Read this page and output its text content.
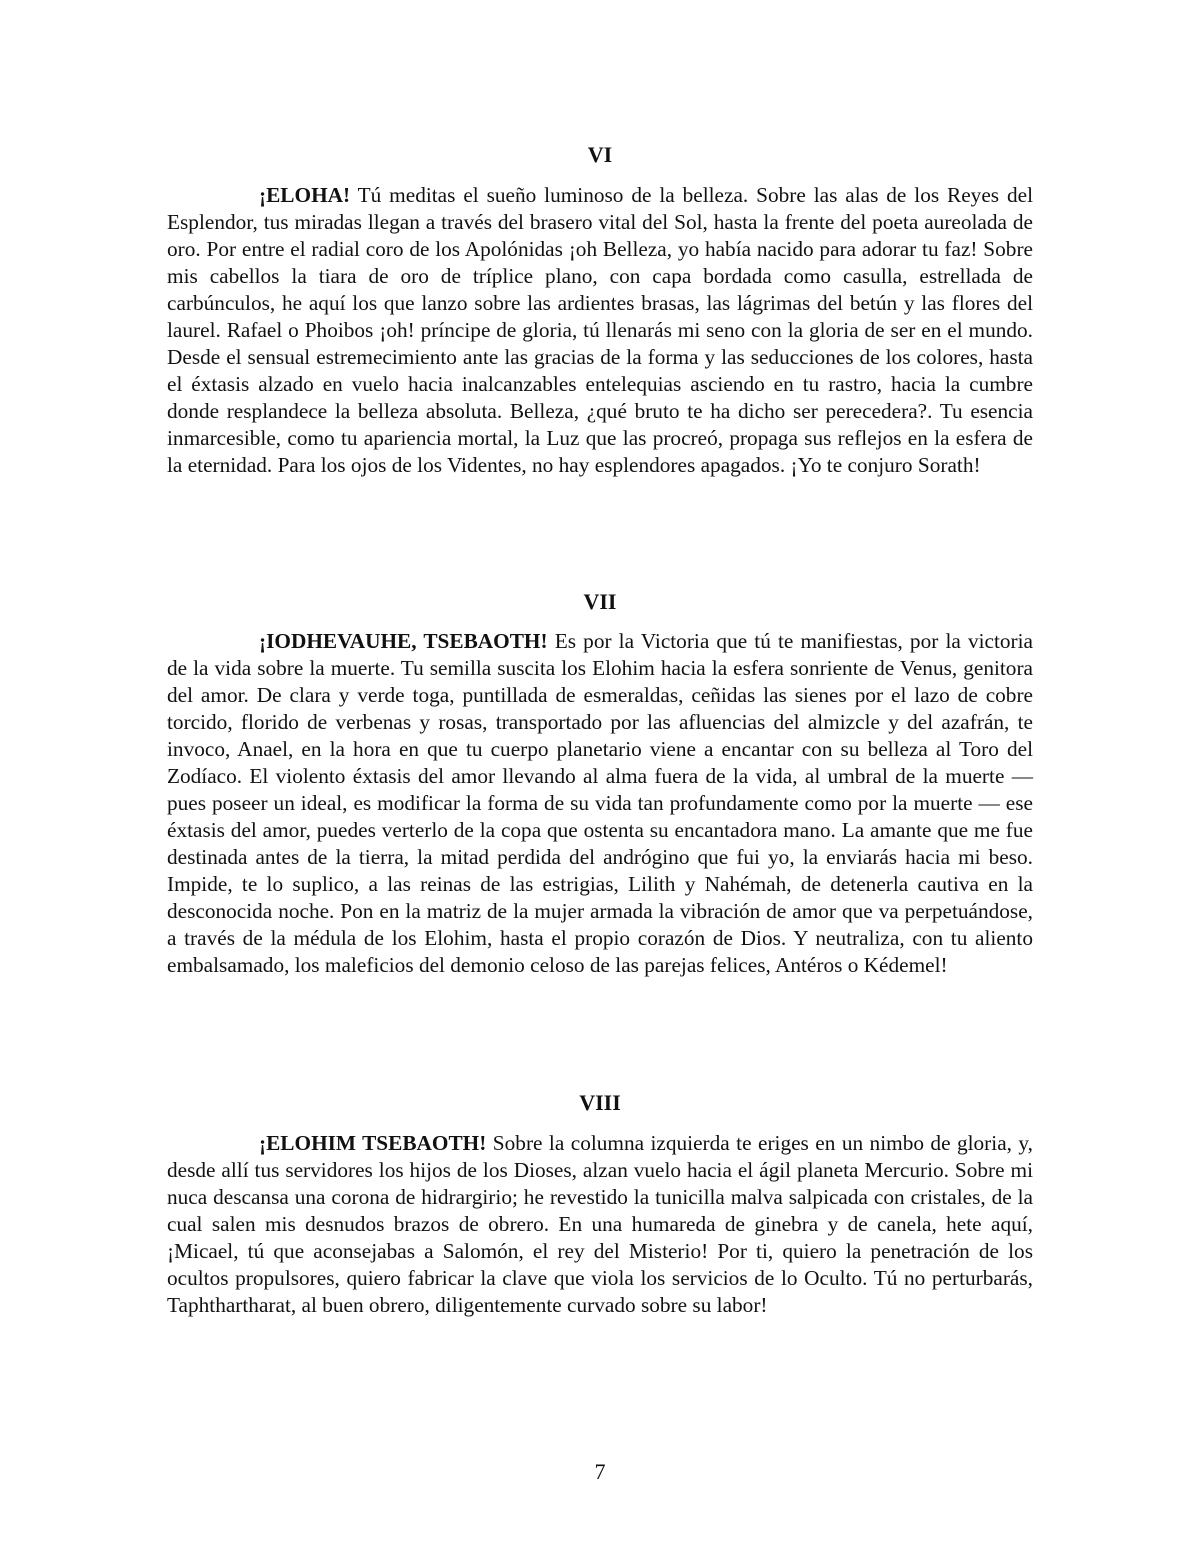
VI

¡ELOHA! Tú meditas el sueño luminoso de la belleza. Sobre las alas de los Reyes del Esplendor, tus miradas llegan a través del brasero vital del Sol, hasta la frente del poeta aureolada de oro. Por entre el radial coro de los Apolónidas ¡oh Belleza, yo había nacido para adorar tu faz! Sobre mis cabellos la tiara de oro de tríplice plano, con capa bordada como casulla, estrellada de carbúnculos, he aquí los que lanzo sobre las ardientes brasas, las lágrimas del betún y las flores del laurel. Rafael o Phoibos ¡oh! príncipe de gloria, tú llenarás mi seno con la gloria de ser en el mundo. Desde el sensual estremecimiento ante las gracias de la forma y las seducciones de los colores, hasta el éxtasis alzado en vuelo hacia inalcanzables entelequias asciendo en tu rastro, hacia la cumbre donde resplandece la belleza absoluta. Belleza, ¿qué bruto te ha dicho ser perecedera?. Tu esencia inmarcesible, como tu apariencia mortal, la Luz que las procreó, propaga sus reflejos en la esfera de la eternidad. Para los ojos de los Videntes, no hay esplendores apagados. ¡Yo te conjuro Sorath!

VII

¡IODHEVAUHE, TSEBAOTH! Es por la Victoria que tú te manifiestas, por la victoria de la vida sobre la muerte. Tu semilla suscita los Elohim hacia la esfera sonriente de Venus, genitora del amor. De clara y verde toga, puntillada de esmeraldas, ceñidas las sienes por el lazo de cobre torcido, florido de verbenas y rosas, transportado por las afluencias del almizcle y del azafrán, te invoco, Anael, en la hora en que tu cuerpo planetario viene a encantar con su belleza al Toro del Zodíaco. El violento éxtasis del amor llevando al alma fuera de la vida, al umbral de la muerte — pues poseer un ideal, es modificar la forma de su vida tan profundamente como por la muerte — ese éxtasis del amor, puedes verterlo de la copa que ostenta su encantadora mano. La amante que me fue destinada antes de la tierra, la mitad perdida del andrógino que fui yo, la enviarás hacia mi beso. Impide, te lo suplico, a las reinas de las estrigias, Lilith y Nahémah, de detenerla cautiva en la desconocida noche. Pon en la matriz de la mujer armada la vibración de amor que va perpetuándose, a través de la médula de los Elohim, hasta el propio corazón de Dios. Y neutraliza, con tu aliento embalsamado, los maleficios del demonio celoso de las parejas felices, Antéros o Kédemel!

VIII

¡ELOHIM TSEBAOTH! Sobre la columna izquierda te eriges en un nimbo de gloria, y, desde allí tus servidores los hijos de los Dioses, alzan vuelo hacia el ágil planeta Mercurio. Sobre mi nuca descansa una corona de hidrargirio; he revestido la tunicilla malva salpicada con cristales, de la cual salen mis desnudos brazos de obrero. En una humareda de ginebra y de canela, hete aquí, ¡Micael, tú que aconsejabas a Salomón, el rey del Misterio! Por ti, quiero la penetración de los ocultos propulsores, quiero fabricar la clave que viola los servicios de lo Oculto. Tú no perturbarás, Taphthartharat, al buen obrero, diligentemente curvado sobre su labor!

7
